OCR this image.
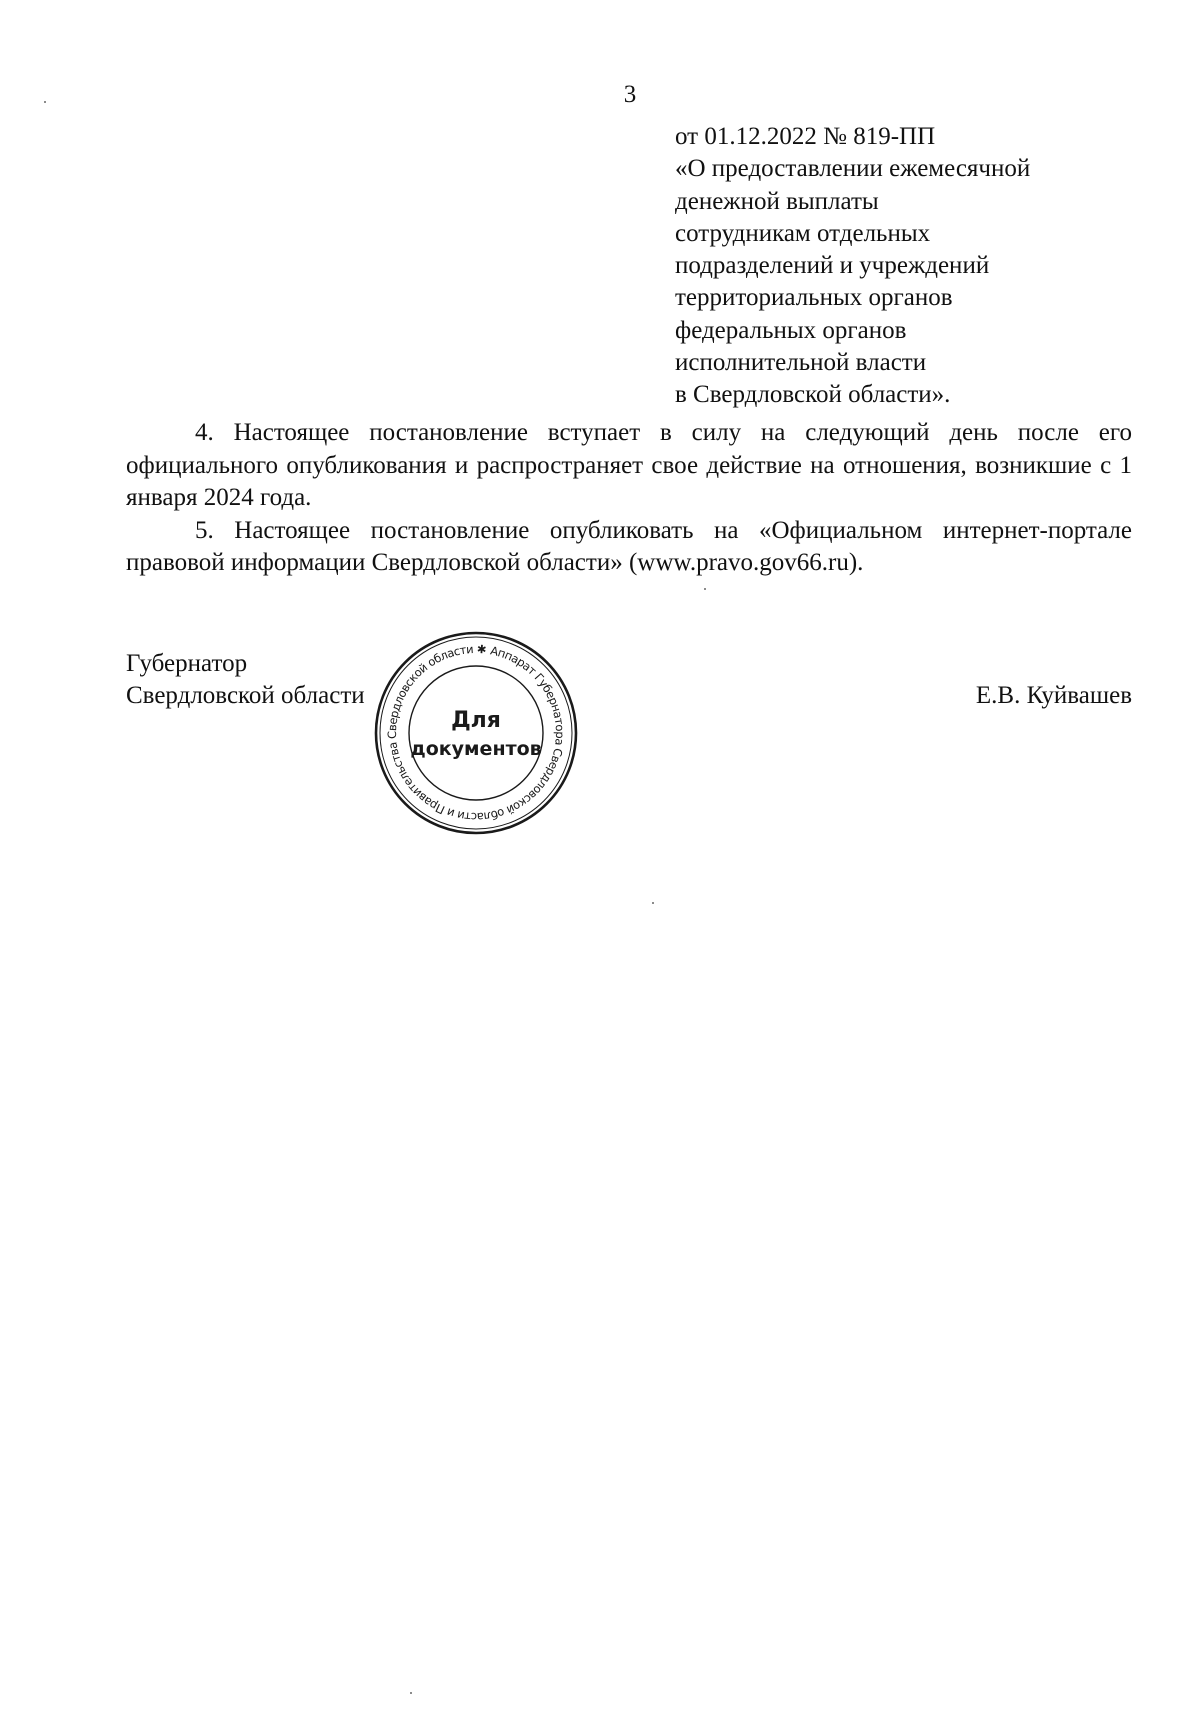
3
от 01.12.2022 № 819-ПП
«О предоставлении ежемесячной
денежной выплаты
сотрудникам отдельных
подразделений и учреждений
территориальных органов
федеральных органов
исполнительной власти
в Свердловской области».

4. Настоящее постановление вступает в силу на следующий день после его официального опубликования и распространяет свое действие на отношения, возникшие с 1 января 2024 года.

5. Настоящее постановление опубликовать на «Официальном интернет-портале правовой информации Свердловской области» (www.pravo.gov66.ru).

Губернатор
Свердловской области	Е.В. Куйвашев
Аппарат Губернатора Свердловской области и Правительства Свердловской области ✱
Для
документов
